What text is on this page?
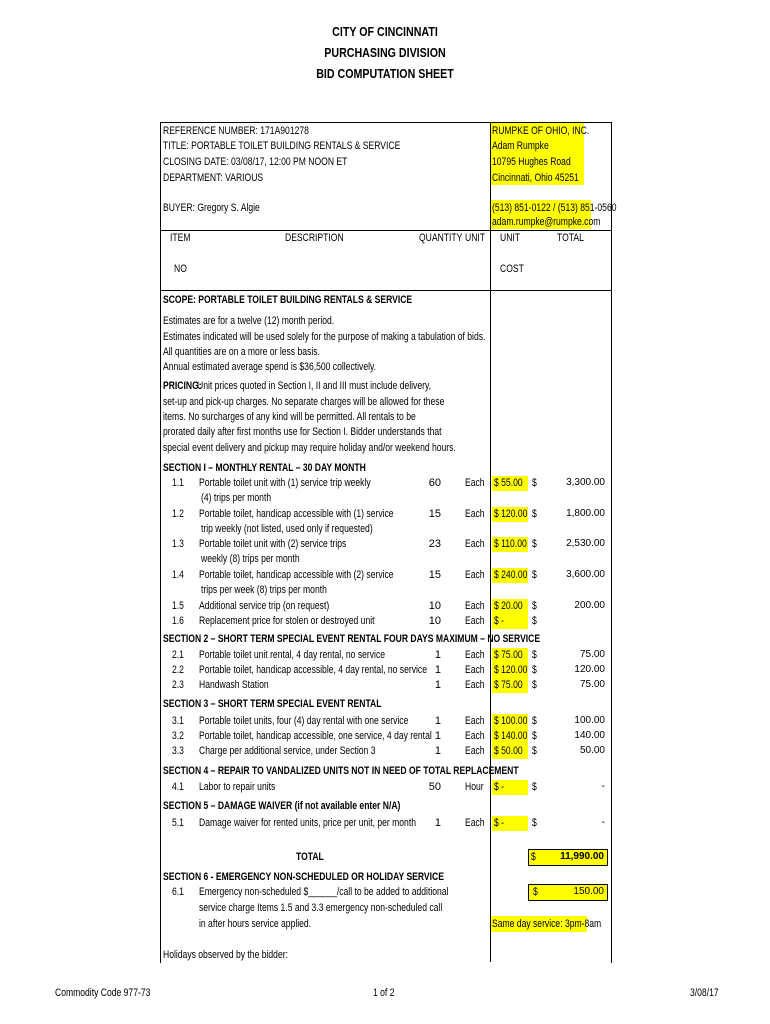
CITY OF CINCINNATI
PURCHASING DIVISION
BID COMPUTATION SHEET
REFERENCE NUMBER: 171A901278
TITLE: PORTABLE TOILET BUILDING RENTALS & SERVICE
CLOSING DATE: 03/08/17, 12:00 PM NOON ET
DEPARTMENT: VARIOUS
BUYER: Gregory S. Algie
RUMPKE OF OHIO, INC.
Adam Rumpke
10795 Hughes Road
Cincinnati, Ohio 45251
(513) 851-0122 / (513) 851-0560
adam.rumpke@rumpke.com
ITEM	DESCRIPTION	QUANTITY UNIT UNIT	TOTAL
NO	COST
SCOPE: PORTABLE TOILET BUILDING RENTALS & SERVICE
Estimates are for a twelve (12) month period.
Estimates indicated will be used solely for the purpose of making a tabulation of bids.
All quantities are on a more or less basis.
Annual estimated average spend is $36,500 collectively.
PRICING:
Unit prices quoted in Section I, II and III must include delivery,
set-up and pick-up charges. No separate charges will be allowed for these
items. No surcharges of any kind will be permitted. All rentals to be
prorated daily after first months use for Section I. Bidder understands that
special event delivery and pickup may require holiday and/or weekend hours.
SECTION I – MONTHLY RENTAL – 30 DAY MONTH
1.1 Portable toilet unit with (1) service trip weekly
(4) trips per month
60 Each $ 55.00 $	3,300.00
1.2 Portable toilet, handicap accessible with (1) service
trip weekly (not listed, used only if requested)
15 Each $ 120.00 $	1,800.00
1.3 Portable toilet unit with (2) service trips
weekly (8) trips per month
23 Each $ 110.00 $	2,530.00
1.4 Portable toilet, handicap accessible with (2) service
trips per week (8) trips per month
15 Each $ 240.00 $	3,600.00
1.5 Additional service trip (on request)	10 Each $ 20.00 $	200.00
1.6 Replacement price for stolen or destroyed unit	10 Each $ -	$
SECTION 2 – SHORT TERM SPECIAL EVENT RENTAL FOUR DAYS MAXIMUM – NO SERVICE
2.1 Portable toilet unit rental, 4 day rental, no service	1 Each $ 75.00 $	75.00
2.2 Portable toilet, handicap accessible, 4 day rental, no service 1 Each $ 120.00 $	120.00
2.3 Handwash Station	1 Each $ 75.00 $	75.00
SECTION 3 – SHORT TERM SPECIAL EVENT RENTAL
3.1 Portable toilet units, four (4) day rental with one service	1 Each $ 100.00 $	100.00
3.2 Portable toilet, handicap accessible, one service, 4 day rental 1 Each $ 140.00 $	140.00
3.3 Charge per additional service, under Section 3	1 Each $ 50.00 $	50.00
SECTION 4 – REPAIR TO VANDALIZED UNITS NOT IN NEED OF TOTAL REPLACEMENT
4.1 Labor to repair units	50 Hour $ -	$	-
SECTION 5 – DAMAGE WAIVER (if not available enter N/A)
5.1 Damage waiver for rented units, price per unit, per month	1 Each $ -	$	-
TOTAL	$	11,990.00
SECTION 6 - EMERGENCY NON-SCHEDULED OR HOLIDAY SERVICE
6.1 Emergency non-scheduled $______/call to be added to additional
service charge Items 1.5 and 3.3 emergency non-scheduled call
in after hours service applied.
$	150.00
Same day service: 3pm-8am
Holidays observed by the bidder:
Commodity Code 977-73	1 of 2	3/08/17
